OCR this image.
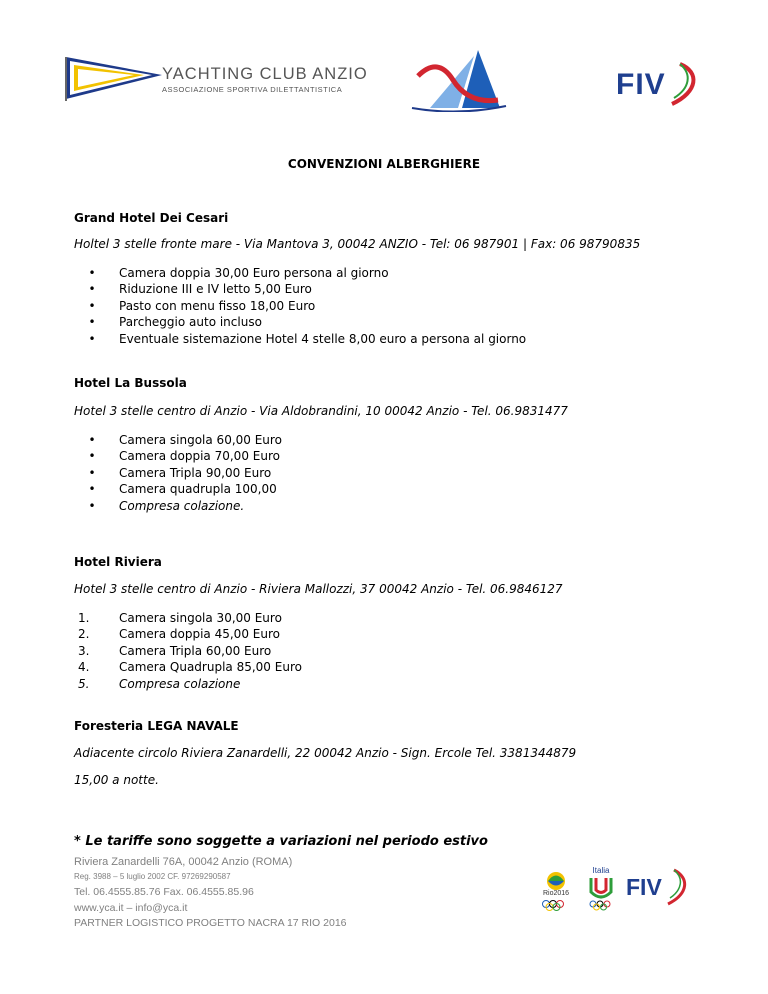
YACHTING CLUB ANZIO
ASSOCIAZIONE SPORTIVA DILETTANTISTICA	FIV
CONVENZIONI ALBERGHIERE
Grand Hotel Dei Cesari
Holtel 3 stelle fronte mare - Via Mantova 3, 00042 ANZIO - Tel: 06 987901 | Fax: 06 98790835
•	Camera doppia 30,00 Euro persona al giorno
•	Riduzione III e IV letto 5,00 Euro
•	Pasto con menu fisso 18,00 Euro
•	Parcheggio auto incluso
•	Eventuale sistemazione Hotel 4 stelle 8,00 euro a persona al giorno
Hotel La Bussola
Hotel 3 stelle centro di Anzio - Via Aldobrandini, 10 00042 Anzio - Tel. 06.9831477
•	Camera singola 60,00 Euro
•	Camera doppia 70,00 Euro
•	Camera Tripla 90,00 Euro
•	Camera quadrupla 100,00
•	Compresa colazione.
Hotel Riviera
Hotel 3 stelle centro di Anzio - Riviera Mallozzi, 37 00042 Anzio - Tel. 06.9846127
1.	Camera singola 30,00 Euro
2.	Camera doppia 45,00 Euro
3.	Camera Tripla 60,00 Euro
4.	Camera Quadrupla 85,00 Euro
5.	Compresa colazione
Foresteria LEGA NAVALE
Adiacente circolo Riviera Zanardelli, 22 00042 Anzio - Sign. Ercole Tel. 3381344879
15,00 a notte.
* Le tariffe sono soggette a variazioni nel periodo estivo
Riviera Zanardelli 76A, 00042 Anzio (ROMA)
Reg. 3988 – 5 luglio 2002 CF. 97269290587
Tel. 06.4555.85.76 Fax. 06.4555.85.96
www.yca.it – info@yca.it
PARTNER LOGISTICO PROGETTO NACRA 17 RIO 2016
Rio2016
Italia
FIV
